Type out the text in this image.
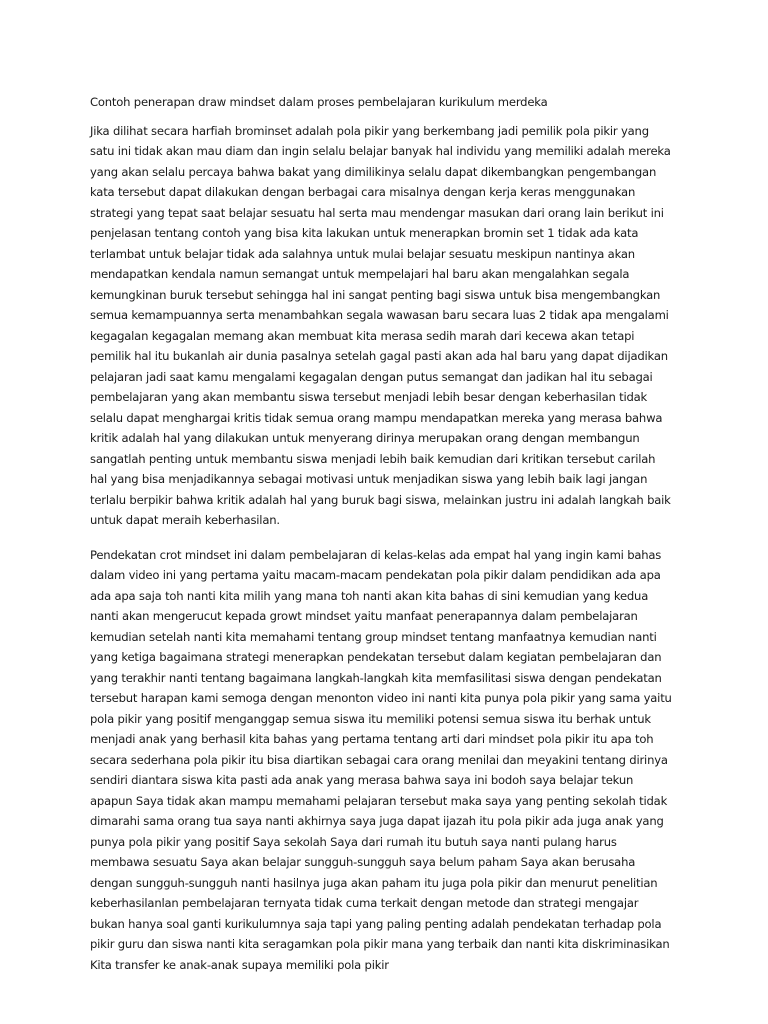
Contoh penerapan draw mindset dalam proses pembelajaran kurikulum merdeka

Jika dilihat secara harfiah brominset adalah pola pikir yang berkembang jadi pemilik pola pikir yang satu ini tidak akan mau diam dan ingin selalu belajar banyak hal individu yang memiliki adalah mereka yang akan selalu percaya bahwa bakat yang dimilikinya selalu dapat dikembangkan pengembangan kata tersebut dapat dilakukan dengan berbagai cara misalnya dengan kerja keras menggunakan strategi yang tepat saat belajar sesuatu hal serta mau mendengar masukan dari orang lain berikut ini penjelasan tentang contoh yang bisa kita lakukan untuk menerapkan bromin set 1 tidak ada kata terlambat untuk belajar tidak ada salahnya untuk mulai belajar sesuatu meskipun nantinya akan mendapatkan kendala namun semangat untuk mempelajari hal baru akan mengalahkan segala kemungkinan buruk tersebut sehingga hal ini sangat penting bagi siswa untuk bisa mengembangkan semua kemampuannya serta menambahkan segala wawasan baru secara luas 2 tidak apa mengalami kegagalan kegagalan memang akan membuat kita merasa sedih marah dari kecewa akan tetapi pemilik hal itu bukanlah air dunia pasalnya setelah gagal pasti akan ada hal baru yang dapat dijadikan pelajaran jadi saat kamu mengalami kegagalan dengan putus semangat dan jadikan hal itu sebagai pembelajaran yang akan membantu siswa tersebut menjadi lebih besar dengan keberhasilan tidak selalu dapat menghargai kritis tidak semua orang mampu mendapatkan mereka yang merasa bahwa kritik adalah hal yang dilakukan untuk menyerang dirinya merupakan orang dengan membangun sangatlah penting untuk membantu siswa menjadi lebih baik kemudian dari kritikan tersebut carilah hal yang bisa menjadikannya sebagai motivasi untuk menjadikan siswa yang lebih baik lagi jangan terlalu berpikir bahwa kritik adalah hal yang buruk bagi siswa, melainkan justru ini adalah langkah baik untuk dapat meraih keberhasilan.

Pendekatan crot mindset ini dalam pembelajaran di kelas-kelas ada empat hal yang ingin kami bahas dalam video ini yang pertama yaitu macam-macam pendekatan pola pikir dalam pendidikan ada apa ada apa saja toh nanti kita milih yang mana toh nanti akan kita bahas di sini kemudian yang kedua nanti akan mengerucut kepada growt mindset yaitu manfaat penerapannya dalam pembelajaran kemudian setelah nanti kita memahami tentang group mindset tentang manfaatnya kemudian nanti yang ketiga bagaimana strategi menerapkan pendekatan tersebut dalam kegiatan pembelajaran dan yang terakhir nanti tentang bagaimana langkah-langkah kita memfasilitasi siswa dengan pendekatan tersebut harapan kami semoga dengan menonton video ini nanti kita punya pola pikir yang sama yaitu pola pikir yang positif menganggap semua siswa itu memiliki potensi semua siswa itu berhak untuk menjadi anak yang berhasil kita bahas yang pertama tentang arti dari mindset pola pikir itu apa toh secara sederhana pola pikir itu bisa diartikan sebagai cara orang menilai dan meyakini tentang dirinya sendiri diantara siswa kita pasti ada anak yang merasa bahwa saya ini bodoh saya belajar tekun apapun Saya tidak akan mampu memahami pelajaran tersebut maka saya yang penting sekolah tidak dimarahi sama orang tua saya nanti akhirnya saya juga dapat ijazah itu pola pikir ada juga anak yang punya pola pikir yang positif Saya sekolah Saya dari rumah itu butuh saya nanti pulang harus membawa sesuatu Saya akan belajar sungguh-sungguh saya belum paham Saya akan berusaha dengan sungguh-sungguh nanti hasilnya juga akan paham itu juga pola pikir dan menurut penelitian keberhasilanlan pembelajaran ternyata tidak cuma terkait dengan metode dan strategi mengajar bukan hanya soal ganti kurikulumnya saja tapi yang paling penting adalah pendekatan terhadap pola pikir guru dan siswa nanti kita seragamkan pola pikir mana yang terbaik dan nanti kita diskriminasikan Kita transfer ke anak-anak supaya memiliki pola pikir
